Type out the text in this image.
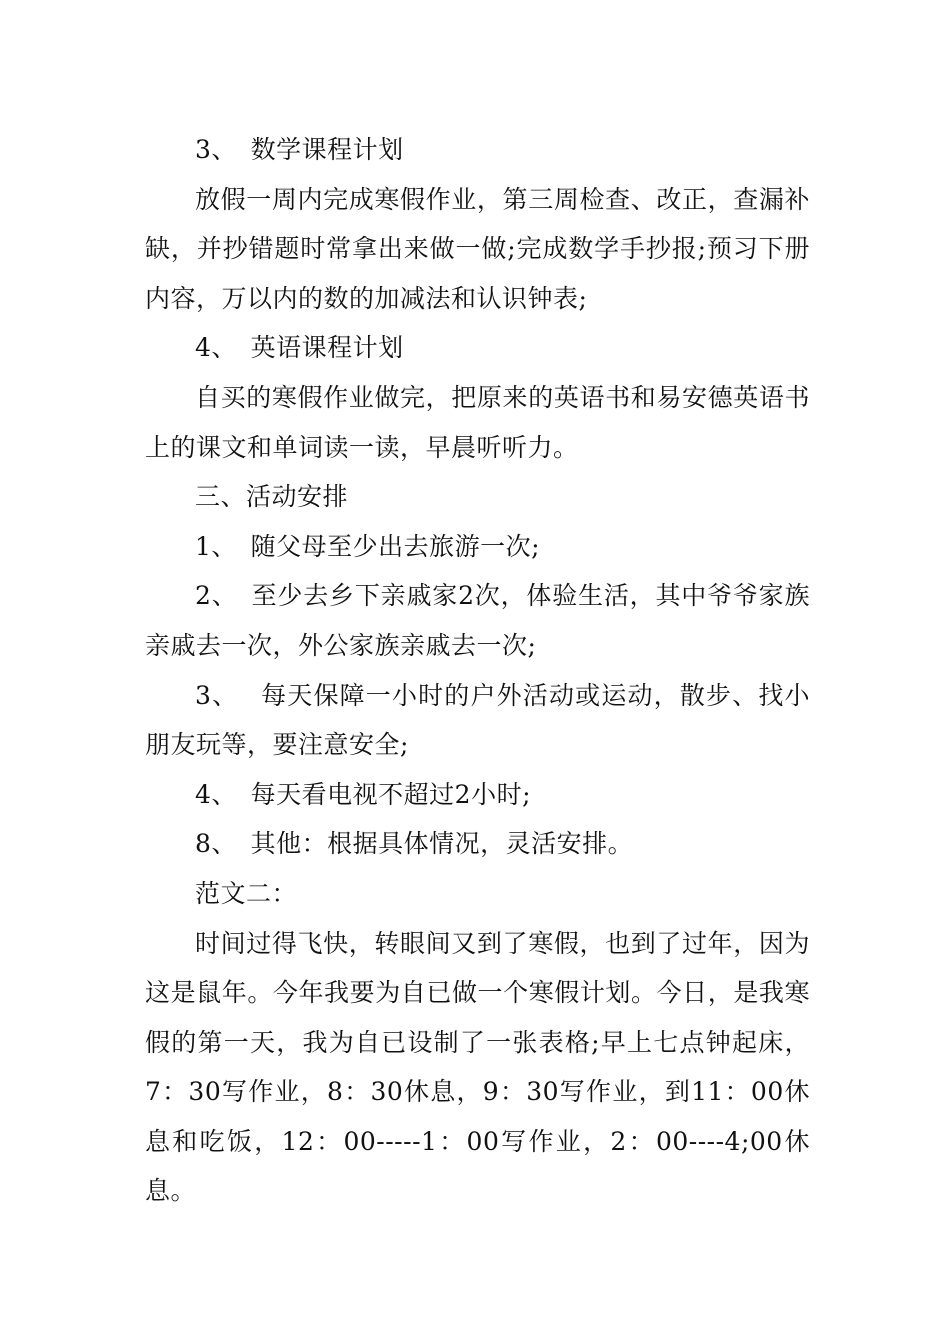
3、 数学课程计划

放假一周内完成寒假作业，第三周检查、改正，查漏补缺，并抄错题时常拿出来做一做;完成数学手抄报;预习下册内容，万以内的数的加减法和认识钟表;

4、 英语课程计划

自买的寒假作业做完，把原来的英语书和易安德英语书上的课文和单词读一读，早晨听听力。

三、活动安排

1、 随父母至少出去旅游一次;

2、 至少去乡下亲戚家2次，体验生活，其中爷爷家族亲戚去一次，外公家族亲戚去一次;

3、 每天保障一小时的户外活动或运动，散步、找小朋友玩等，要注意安全;

4、 每天看电视不超过2小时;

8、 其他：根据具体情况，灵活安排。

范文二：

时间过得飞快，转眼间又到了寒假，也到了过年，因为这是鼠年。今年我要为自已做一个寒假计划。今日，是我寒假的第一天，我为自已设制了一张表格;早上七点钟起床，7：30写作业，8：30休息，9：30写作业，到11：00休息和吃饭，12：00-----1：00写作业，2：00----4;00休息。
